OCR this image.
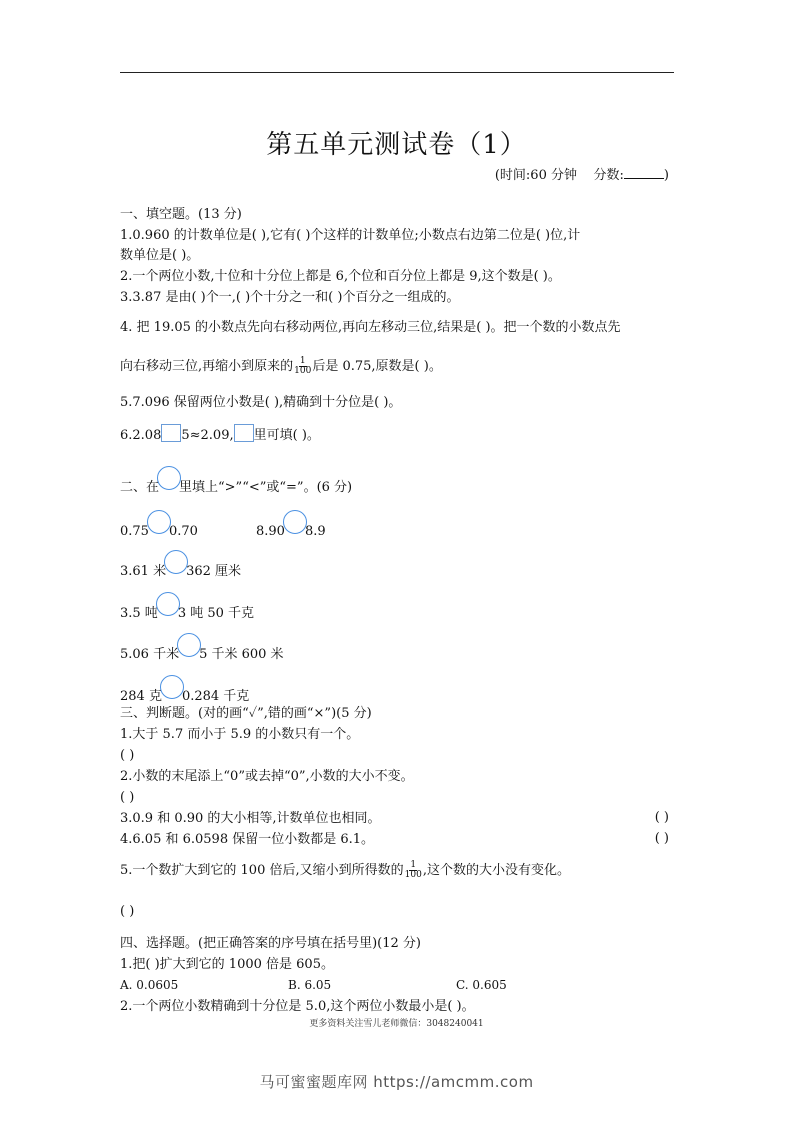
第五单元测试卷（1）
(时间:60 分钟 分数:	)
一、填空题。(13 分)
1.0.960 的计数单位是( ),它有( )个这样的计数单位;小数点右边第二位是( )位,计
数单位是( )。
2.一个两位小数,十位和十分位上都是 6,个位和百分位上都是 9,这个数是( )。
3.3.87 是由( )个一,( )个十分之一和( )个百分之一组成的。
4. 把 19.05 的小数点先向右移动两位,再向左移动三位,结果是( )。把一个数的小数点先
向右移动三位,再缩小到原来的 $\frac{1}{100}$ 后是 0.75,原数是( )。
5.7.096 保留两位小数是( ),精确到十分位是( )。
6.2.08 5≈2.09, 里可填( )。
二、在 里填上“>”“<”或“=”。(6 分)
0.75 0.70	8.90 8.9
3.61 米 362 厘米
3.5 吨 3 吨 50 千克
5.06 千米 5 千米 600 米
284 克 0.284 千克
三、判断题。(对的画“✓”,错的画“×”)(5 分)
1.大于 5.7 而小于 5.9 的小数只有一个。
( )
2.小数的末尾添上“0”或去掉“0”,小数的大小不变。
( )
3.0.9 和 0.90 的大小相等,计数单位也相同。	( )
4.6.05 和 6.0598 保留一位小数都是 6.1。	( )
5.一个数扩大到它的 100 倍后,又缩小到所得数的 $\frac{1}{100}$ ,这个数的大小没有变化。
( )
四、选择题。(把正确答案的序号填在括号里)(12 分)
1.把( )扩大到它的 1000 倍是 605。
A. 0.0605	B. 6.05	C. 0.605
2.一个两位小数精确到十分位是 5.0,这个两位小数最小是( )。
更多资料关注雪儿老师微信：3048240041
马可蜜蜜题库网 https://amcmm.com
